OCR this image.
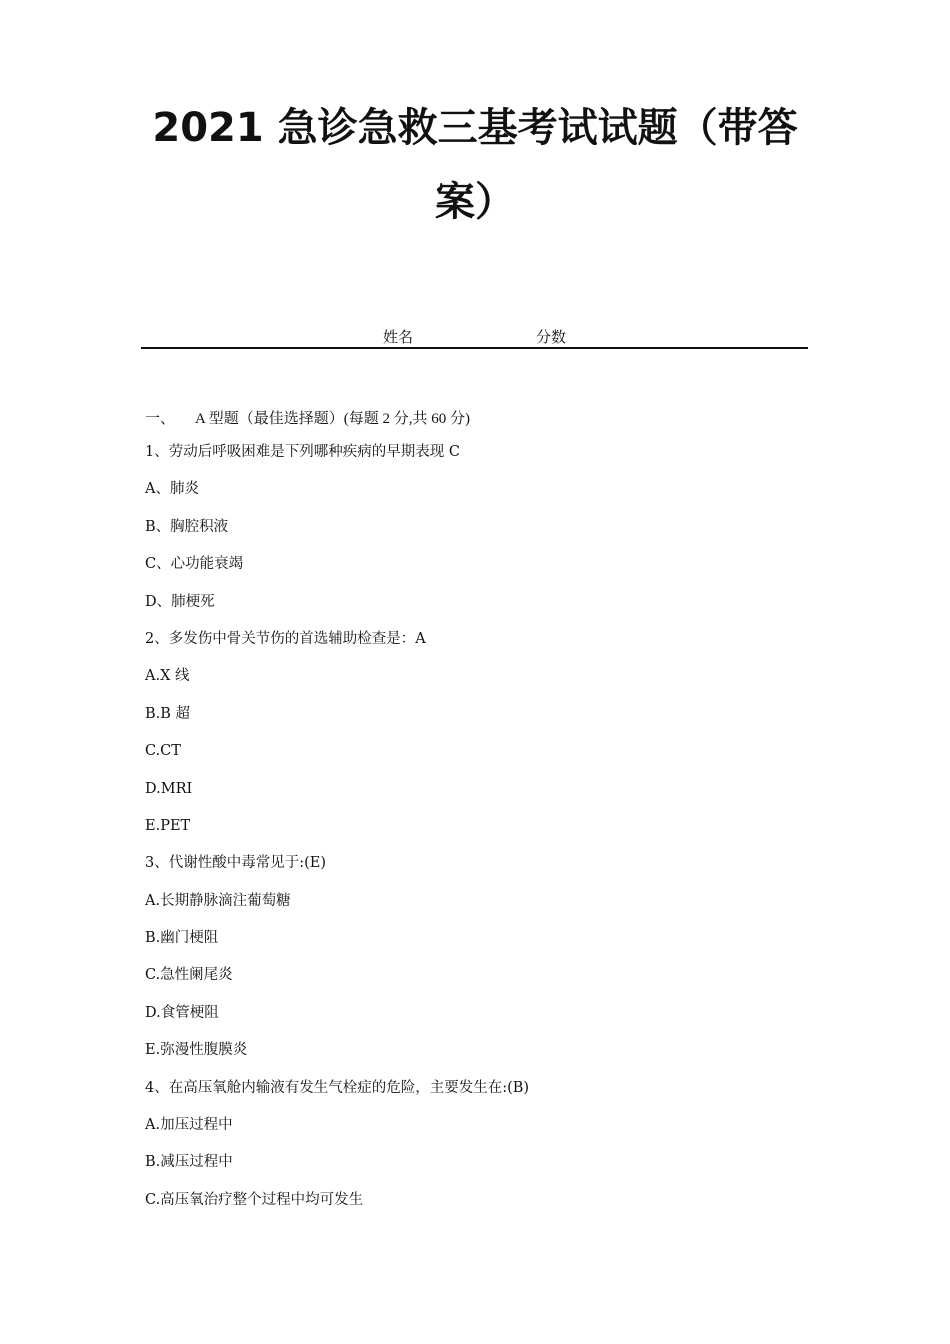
2021 急诊急救三基考试试题（带答
案）
姓名	分数
一、 A 型题（最佳选择题）(每题 2 分,共 60 分)
1、劳动后呼吸困难是下列哪种疾病的早期表现 C
A、肺炎
B、胸腔积液
C、心功能衰竭
D、肺梗死
2、多发伤中骨关节伤的首选辅助检查是：A
A.X 线
B.B 超
C.CT
D.MRI
E.PET
3、代谢性酸中毒常见于:(E)
A.长期静脉滴注葡萄糖
B.幽门梗阻
C.急性阑尾炎
D.食管梗阻
E.弥漫性腹膜炎
4、在高压氧舱内输液有发生气栓症的危险，主要发生在:(B)
A.加压过程中
B.减压过程中
C.高压氧治疗整个过程中均可发生
